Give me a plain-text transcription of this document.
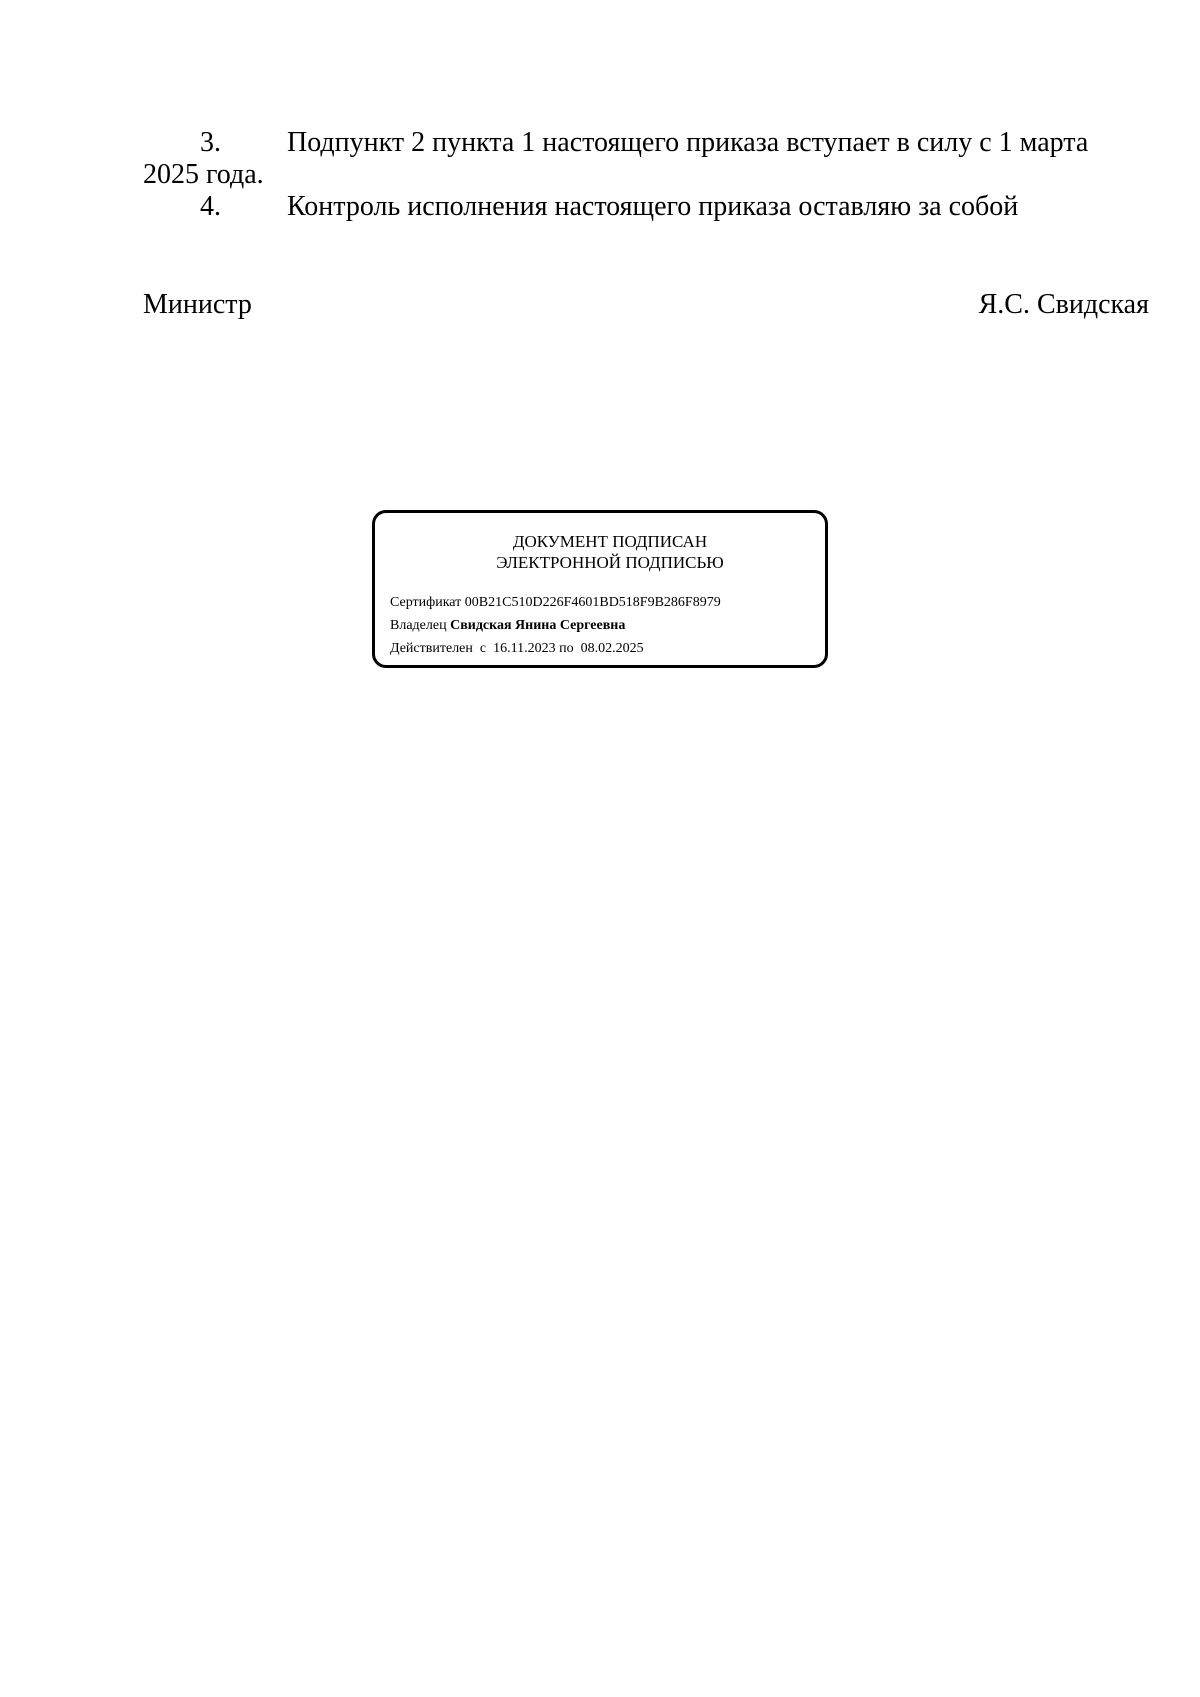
3. Подпункт 2 пункта 1 настоящего приказа вступает в силу с 1 марта
2025 года.
4. Контроль исполнения настоящего приказа оставляю за собой
Министр	Я.С. Свидская
ДОКУМЕНТ ПОДПИСАН
ЭЛЕКТРОННОЙ ПОДПИСЬЮ
Сертификат 00B21C510D226F4601BD518F9B286F8979
Владелец Свидская Янина Сергеевна
Действителен с 16.11.2023 по 08.02.2025
